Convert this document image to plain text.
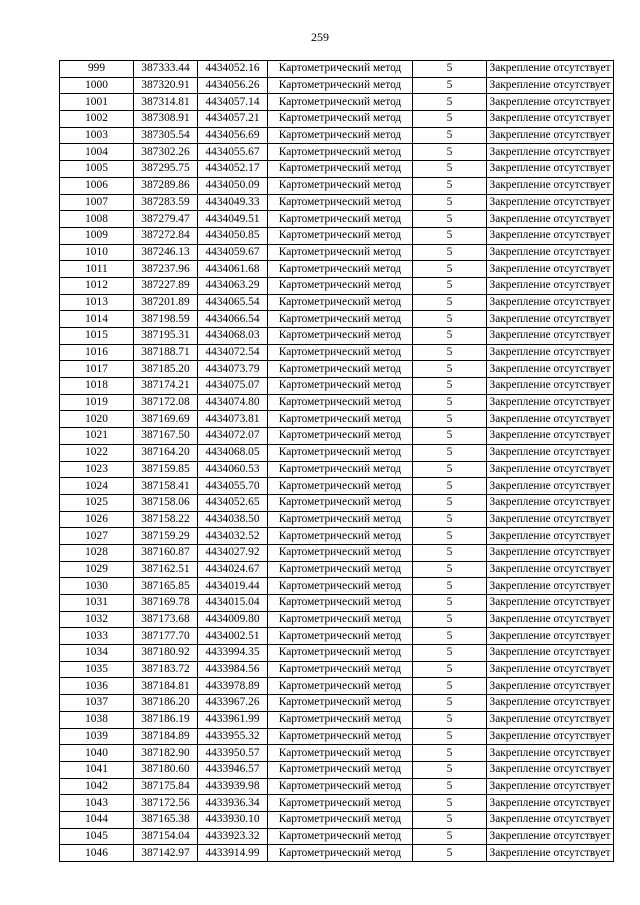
259
999	387333.44	4434052.16	Картометрический метод	5	Закрепление отсутствует
1000	387320.91	4434056.26	Картометрический метод	5	Закрепление отсутствует
1001	387314.81	4434057.14	Картометрический метод	5	Закрепление отсутствует
1002	387308.91	4434057.21	Картометрический метод	5	Закрепление отсутствует
1003	387305.54	4434056.69	Картометрический метод	5	Закрепление отсутствует
1004	387302.26	4434055.67	Картометрический метод	5	Закрепление отсутствует
1005	387295.75	4434052.17	Картометрический метод	5	Закрепление отсутствует
1006	387289.86	4434050.09	Картометрический метод	5	Закрепление отсутствует
1007	387283.59	4434049.33	Картометрический метод	5	Закрепление отсутствует
1008	387279.47	4434049.51	Картометрический метод	5	Закрепление отсутствует
1009	387272.84	4434050.85	Картометрический метод	5	Закрепление отсутствует
1010	387246.13	4434059.67	Картометрический метод	5	Закрепление отсутствует
1011	387237.96	4434061.68	Картометрический метод	5	Закрепление отсутствует
1012	387227.89	4434063.29	Картометрический метод	5	Закрепление отсутствует
1013	387201.89	4434065.54	Картометрический метод	5	Закрепление отсутствует
1014	387198.59	4434066.54	Картометрический метод	5	Закрепление отсутствует
1015	387195.31	4434068.03	Картометрический метод	5	Закрепление отсутствует
1016	387188.71	4434072.54	Картометрический метод	5	Закрепление отсутствует
1017	387185.20	4434073.79	Картометрический метод	5	Закрепление отсутствует
1018	387174.21	4434075.07	Картометрический метод	5	Закрепление отсутствует
1019	387172.08	4434074.80	Картометрический метод	5	Закрепление отсутствует
1020	387169.69	4434073.81	Картометрический метод	5	Закрепление отсутствует
1021	387167.50	4434072.07	Картометрический метод	5	Закрепление отсутствует
1022	387164.20	4434068.05	Картометрический метод	5	Закрепление отсутствует
1023	387159.85	4434060.53	Картометрический метод	5	Закрепление отсутствует
1024	387158.41	4434055.70	Картометрический метод	5	Закрепление отсутствует
1025	387158.06	4434052.65	Картометрический метод	5	Закрепление отсутствует
1026	387158.22	4434038.50	Картометрический метод	5	Закрепление отсутствует
1027	387159.29	4434032.52	Картометрический метод	5	Закрепление отсутствует
1028	387160.87	4434027.92	Картометрический метод	5	Закрепление отсутствует
1029	387162.51	4434024.67	Картометрический метод	5	Закрепление отсутствует
1030	387165.85	4434019.44	Картометрический метод	5	Закрепление отсутствует
1031	387169.78	4434015.04	Картометрический метод	5	Закрепление отсутствует
1032	387173.68	4434009.80	Картометрический метод	5	Закрепление отсутствует
1033	387177.70	4434002.51	Картометрический метод	5	Закрепление отсутствует
1034	387180.92	4433994.35	Картометрический метод	5	Закрепление отсутствует
1035	387183.72	4433984.56	Картометрический метод	5	Закрепление отсутствует
1036	387184.81	4433978.89	Картометрический метод	5	Закрепление отсутствует
1037	387186.20	4433967.26	Картометрический метод	5	Закрепление отсутствует
1038	387186.19	4433961.99	Картометрический метод	5	Закрепление отсутствует
1039	387184.89	4433955.32	Картометрический метод	5	Закрепление отсутствует
1040	387182.90	4433950.57	Картометрический метод	5	Закрепление отсутствует
1041	387180.60	4433946.57	Картометрический метод	5	Закрепление отсутствует
1042	387175.84	4433939.98	Картометрический метод	5	Закрепление отсутствует
1043	387172.56	4433936.34	Картометрический метод	5	Закрепление отсутствует
1044	387165.38	4433930.10	Картометрический метод	5	Закрепление отсутствует
1045	387154.04	4433923.32	Картометрический метод	5	Закрепление отсутствует
1046	387142.97	4433914.99	Картометрический метод	5	Закрепление отсутствует
